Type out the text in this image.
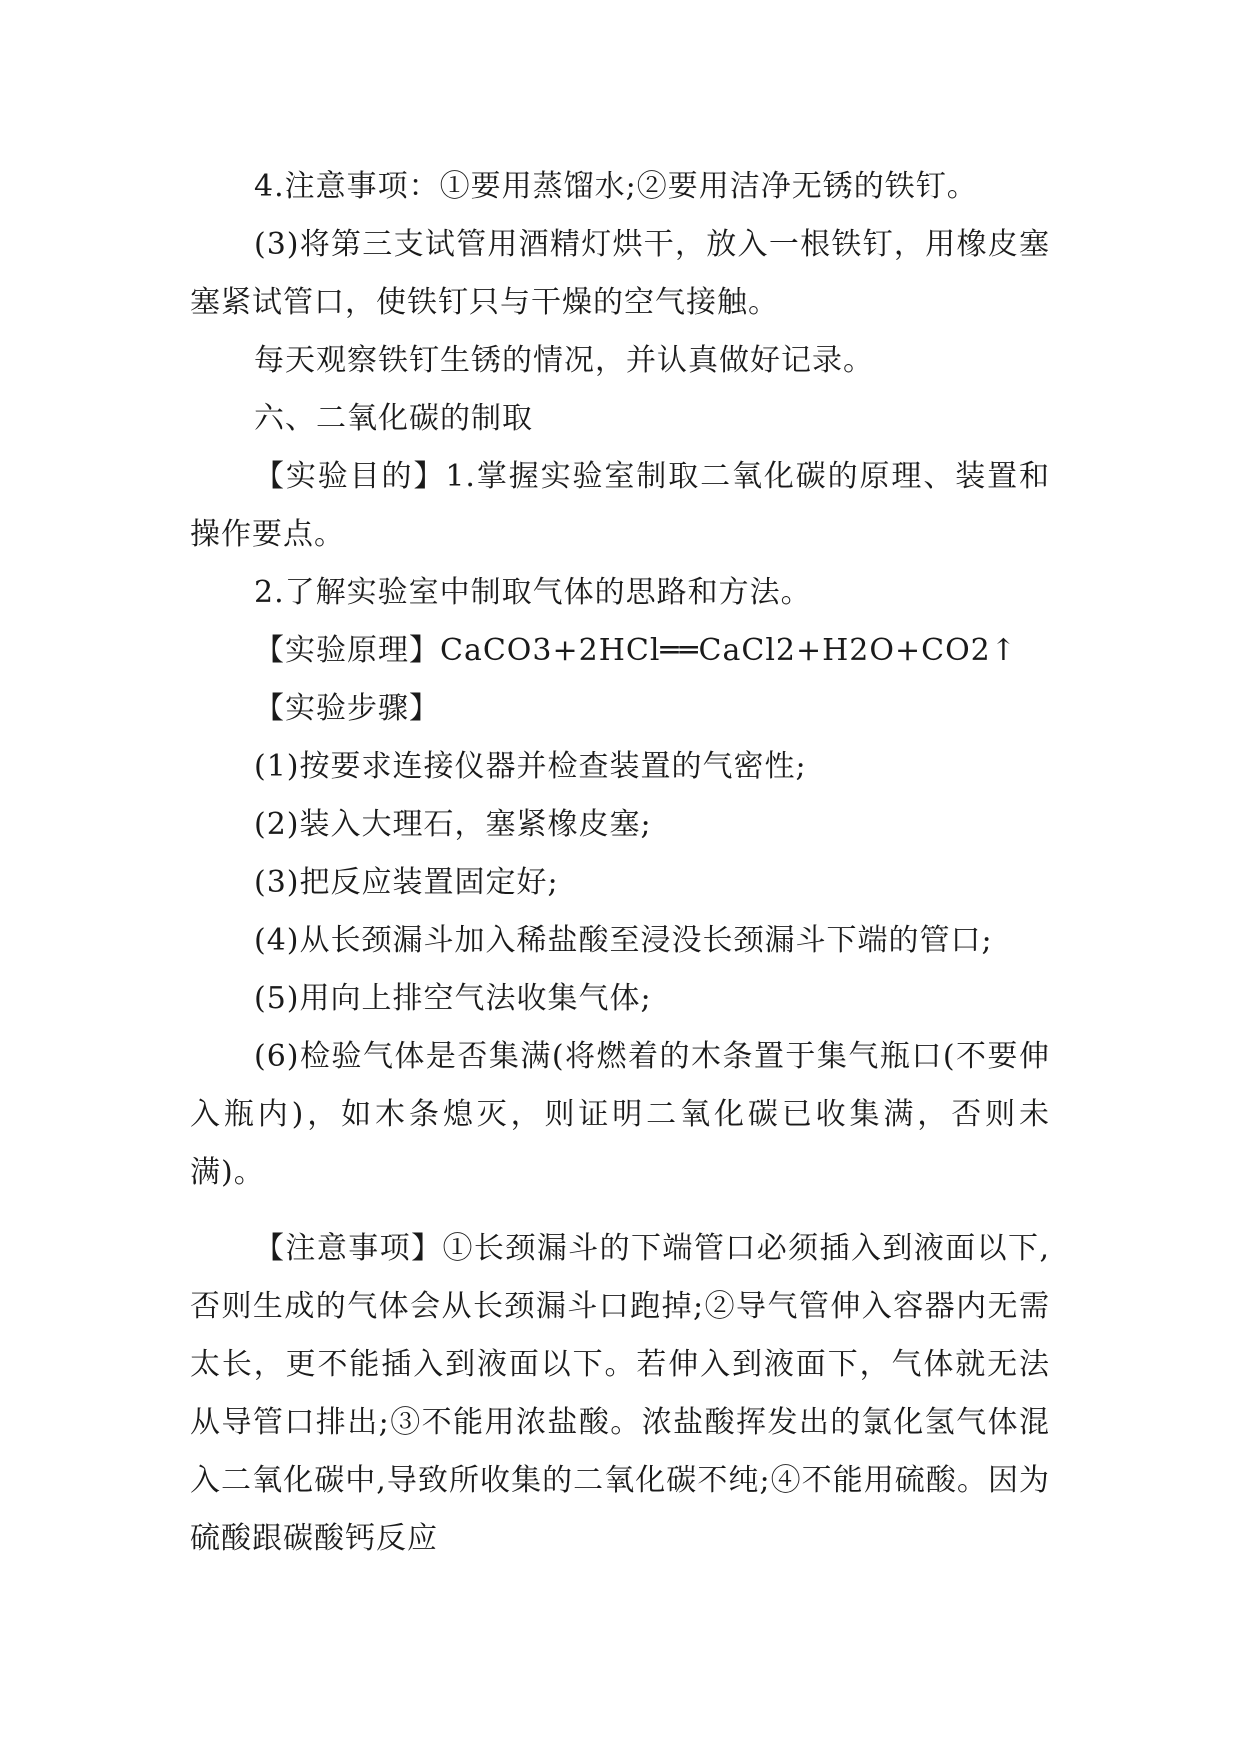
4.注意事项：①要用蒸馏水;②要用洁净无锈的铁钉。

(3)将第三支试管用酒精灯烘干，放入一根铁钉，用橡皮塞塞紧试管口，使铁钉只与干燥的空气接触。

每天观察铁钉生锈的情况，并认真做好记录。

六、二氧化碳的制取

【实验目的】1.掌握实验室制取二氧化碳的原理、装置和操作要点。

2.了解实验室中制取气体的思路和方法。

【实验原理】CaCO3+2HCl══CaCl2+H2O+CO2↑

【实验步骤】

(1)按要求连接仪器并检查装置的气密性;

(2)装入大理石，塞紧橡皮塞;

(3)把反应装置固定好;

(4)从长颈漏斗加入稀盐酸至浸没长颈漏斗下端的管口;

(5)用向上排空气法收集气体;

(6)检验气体是否集满(将燃着的木条置于集气瓶口(不要伸入瓶内)，如木条熄灭，则证明二氧化碳已收集满，否则未满)。

【注意事项】①长颈漏斗的下端管口必须插入到液面以下,否则生成的气体会从长颈漏斗口跑掉;②导气管伸入容器内无需太长，更不能插入到液面以下。若伸入到液面下，气体就无法从导管口排出;③不能用浓盐酸。浓盐酸挥发出的氯化氢气体混入二氧化碳中,导致所收集的二氧化碳不纯;④不能用硫酸。因为硫酸跟碳酸钙反应
